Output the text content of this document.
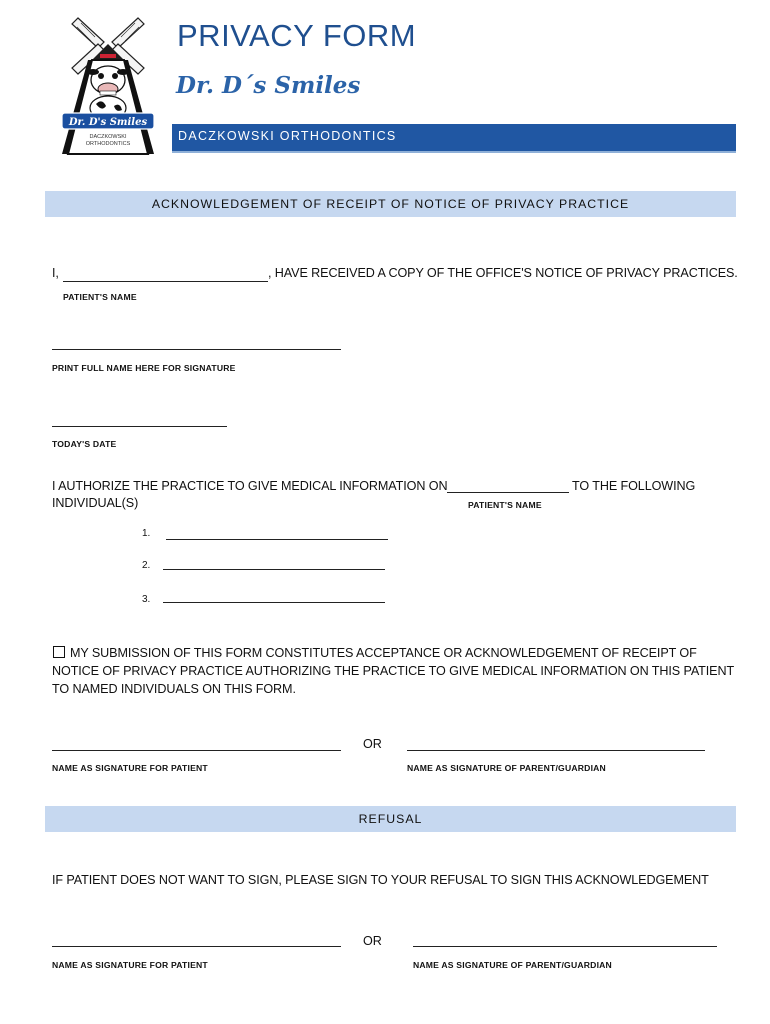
Dr. D's Smiles
DACZKOWSKI
ORTHODONTICS
PRIVACY FORM
Dr. D´s Smiles
DACZKOWSKI ORTHODONTICS
ACKNOWLEDGEMENT OF RECEIPT OF NOTICE OF PRIVACY PRACTICE
I,	, HAVE RECEIVED A COPY OF THE OFFICE'S NOTICE OF PRIVACY PRACTICES.
PATIENT'S NAME
PRINT FULL NAME HERE FOR SIGNATURE
TODAY'S DATE
I AUTHORIZE THE PRACTICE TO GIVE MEDICAL INFORMATION ON	TO THE FOLLOWING
INDIVIDUAL(S)	PATIENT'S NAME
1.
2.
3.
MY SUBMISSION OF THIS FORM CONSTITUTES ACCEPTANCE OR ACKNOWLEDGEMENT OF RECEIPT OF
NOTICE OF PRIVACY PRACTICE AUTHORIZING THE PRACTICE TO GIVE MEDICAL INFORMATION ON THIS PATIENT
TO NAMED INDIVIDUALS ON THIS FORM.
OR
NAME AS SIGNATURE FOR PATIENT	NAME AS SIGNATURE OF PARENT/GUARDIAN
REFUSAL
IF PATIENT DOES NOT WANT TO SIGN, PLEASE SIGN TO YOUR REFUSAL TO SIGN THIS ACKNOWLEDGEMENT
OR
NAME AS SIGNATURE FOR PATIENT	NAME AS SIGNATURE OF PARENT/GUARDIAN
